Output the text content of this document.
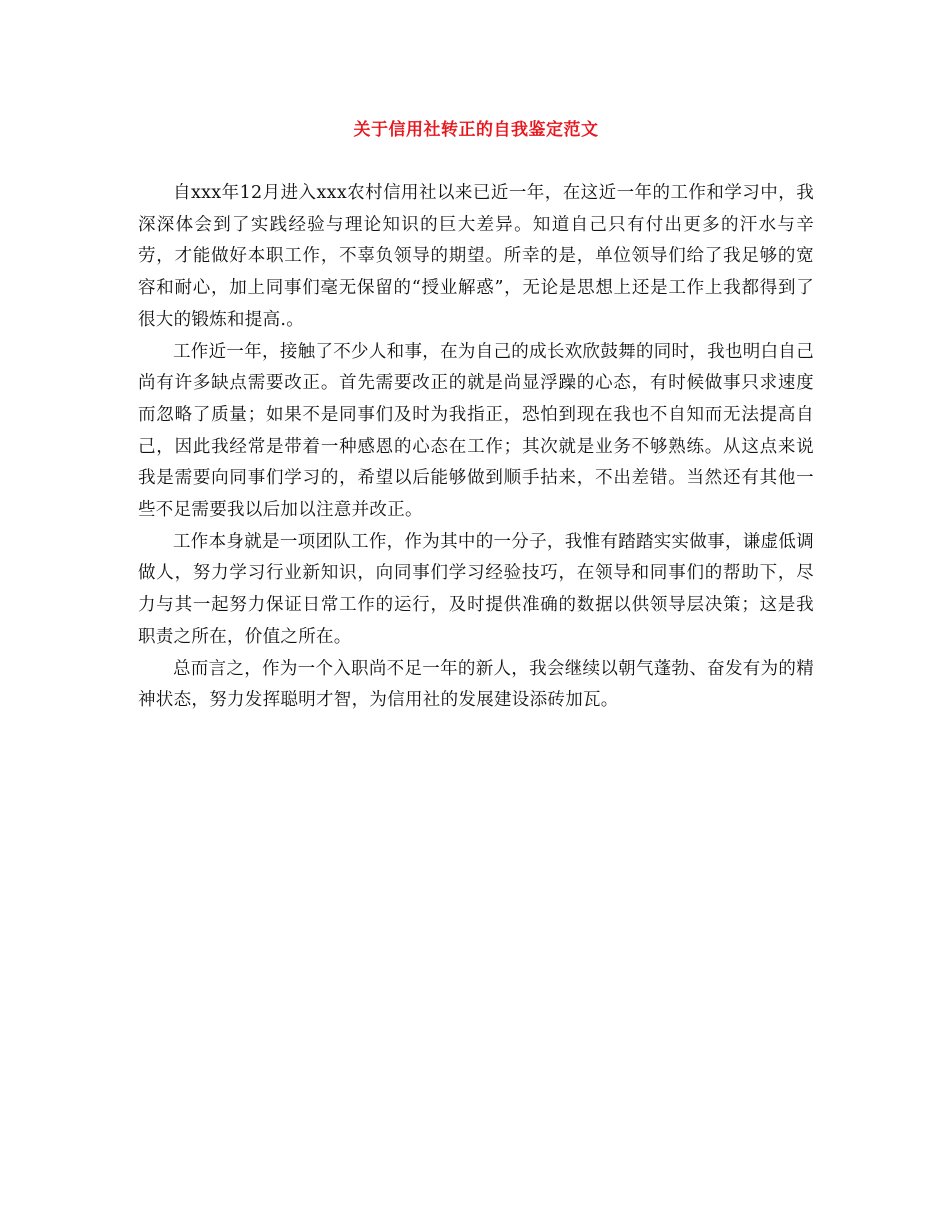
关于信用社转正的自我鉴定范文

自xxx年12月进入xxx农村信用社以来已近一年，在这近一年的工作和学习中，我深深体会到了实践经验与理论知识的巨大差异。知道自己只有付出更多的汗水与辛劳，才能做好本职工作，不辜负领导的期望。所幸的是，单位领导们给了我足够的宽容和耐心，加上同事们毫无保留的“授业解惑”，无论是思想上还是工作上我都得到了很大的锻炼和提高.。

工作近一年，接触了不少人和事，在为自己的成长欢欣鼓舞的同时，我也明白自己尚有许多缺点需要改正。首先需要改正的就是尚显浮躁的心态，有时候做事只求速度而忽略了质量；如果不是同事们及时为我指正，恐怕到现在我也不自知而无法提高自己，因此我经常是带着一种感恩的心态在工作；其次就是业务不够熟练。从这点来说我是需要向同事们学习的，希望以后能够做到顺手拈来，不出差错。当然还有其他一些不足需要我以后加以注意并改正。

工作本身就是一项团队工作，作为其中的一分子，我惟有踏踏实实做事，谦虚低调做人，努力学习行业新知识，向同事们学习经验技巧，在领导和同事们的帮助下，尽力与其一起努力保证日常工作的运行，及时提供准确的数据以供领导层决策；这是我职责之所在，价值之所在。

总而言之，作为一个入职尚不足一年的新人，我会继续以朝气蓬勃、奋发有为的精神状态，努力发挥聪明才智，为信用社的发展建设添砖加瓦。
